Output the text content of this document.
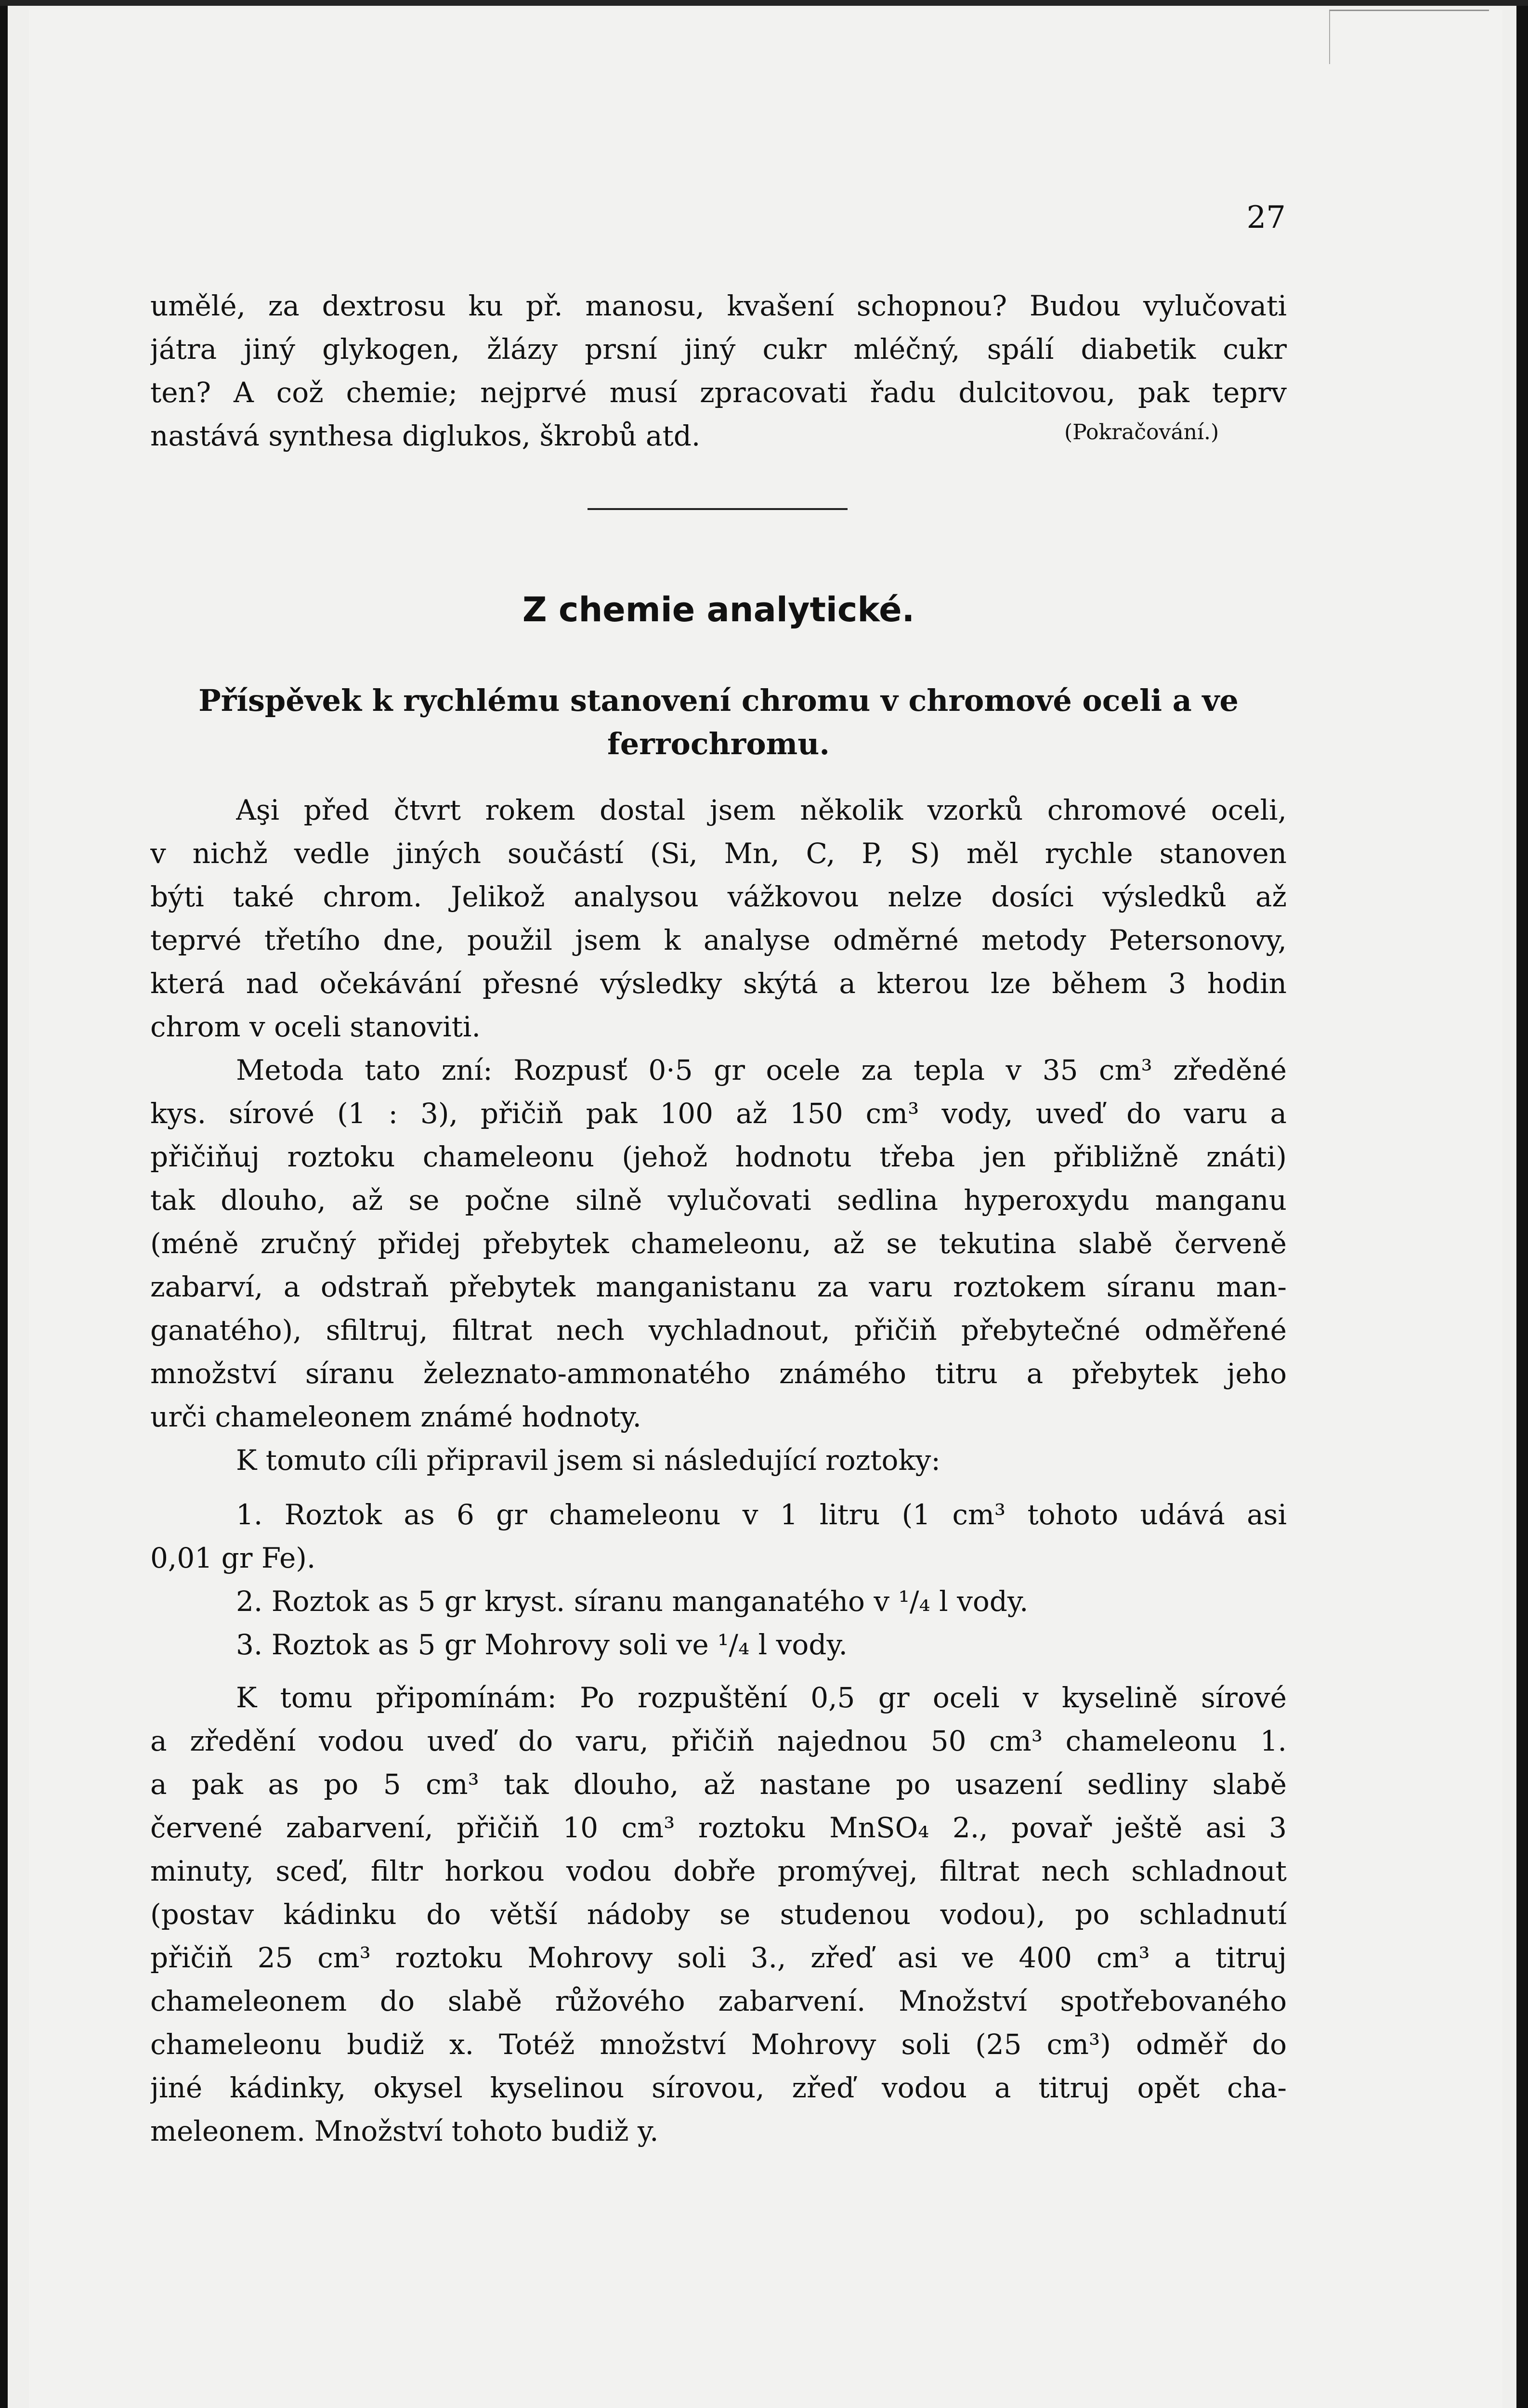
27
umělé, za dextrosu ku př. manosu, kvašení schopnou? Budou vylučovati
játra jiný glykogen, žlázy prsní jiný cukr mléčný, spálí diabetik cukr
ten? A což chemie; nejprvé musí zpracovati řadu dulcitovou, pak teprv
nastává synthesa diglukos, škrobů atd.	(Pokračování.)
Z chemie analytické.
Příspěvek k rychlému stanovení chromu v chromové oceli a ve
ferrochromu.
Aşi před čtvrt rokem dostal jsem několik vzorků chromové oceli,
v nichž vedle jiných součástí (Si, Mn, C, P, S) měl rychle stanoven
býti také chrom. Jelikož analysou vážkovou nelze dosíci výsledků až
teprvé třetího dne, použil jsem k analyse odměrné metody Petersonovy,
která nad očekávání přesné výsledky skýtá a kterou lze během 3 hodin
chrom v oceli stanoviti.
Metoda tato zní: Rozpusť 0·5 gr ocele za tepla v 35 cm³ zředěné
kys. sírové (1 : 3), přičiň pak 100 až 150 cm³ vody, uveď do varu a
přičiňuj roztoku chameleonu (jehož hodnotu třeba jen přibližně znáti)
tak dlouho, až se počne silně vylučovati sedlina hyperoxydu manganu
(méně zručný přidej přebytek chameleonu, až se tekutina slabě červeně
zabarví, a odstraň přebytek manganistanu za varu roztokem síranu man-
ganatého), sfiltruj, filtrat nech vychladnout, přičiň přebytečné odměřené
množství síranu železnato-ammonatého známého titru a přebytek jeho
urči chameleonem známé hodnoty.
K tomuto cíli připravil jsem si následující roztoky:
1. Roztok as 6 gr chameleonu v 1 litru (1 cm³ tohoto udává asi
0,01 gr Fe).
2. Roztok as 5 gr kryst. síranu manganatého v ¹/₄ l vody.
3. Roztok as 5 gr Mohrovy soli ve ¹/₄ l vody.
K tomu připomínám: Po rozpuštění 0,5 gr oceli v kyselině sírové
a zředění vodou uveď do varu, přičiň najednou 50 cm³ chameleonu 1.
a pak as po 5 cm³ tak dlouho, až nastane po usazení sedliny slabě
červené zabarvení, přičiň 10 cm³ roztoku MnSO₄ 2., povař ještě asi 3
minuty, sceď, filtr horkou vodou dobře promývej, filtrat nech schladnout
(postav kádinku do větší nádoby se studenou vodou), po schladnutí
přičiň 25 cm³ roztoku Mohrovy soli 3., zřeď asi ve 400 cm³ a titruj
chameleonem do slabě růžového zabarvení. Množství spotřebovaného
chameleonu budiž x. Totéž množství Mohrovy soli (25 cm³) odměř do
jiné kádinky, okysel kyselinou sírovou, zřeď vodou a titruj opět cha-
meleonem. Množství tohoto budiž y.
